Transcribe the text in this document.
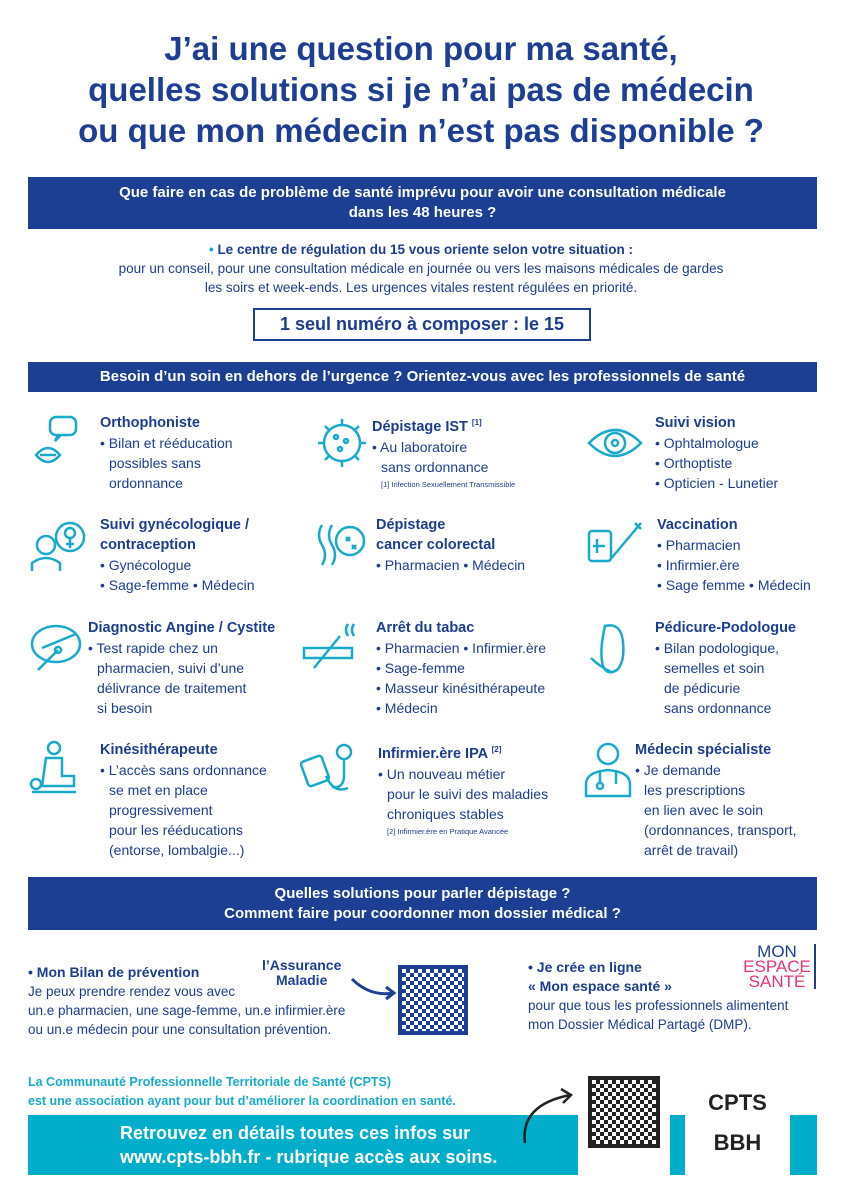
J’ai une question pour ma santé,
quelles solutions si je n’ai pas de médecin
ou que mon médecin n’est pas disponible ?
Que faire en cas de problème de santé imprévu pour avoir une consultation médicale
dans les 48 heures ?
• Le centre de régulation du 15 vous oriente selon votre situation :
pour un conseil, pour une consultation médicale en journée ou vers les maisons médicales de gardes
les soirs et week-ends. Les urgences vitales restent régulées en priorité.
1 seul numéro à composer : le 15
Besoin d’un soin en dehors de l’urgence ? Orientez-vous avec les professionnels de santé
Orthophoniste
• Bilan et rééducation
possibles sans
ordonnance
Dépistage IST [1]
• Au laboratoire
sans ordonnance
[1] Infection Sexuellement Transmissible
Suivi vision
• Ophtalmologue
• Orthoptiste
• Opticien - Lunetier
Suivi gynécologique /
contraception
• Gynécologue
• Sage-femme • Médecin
Dépistage
cancer colorectal
• Pharmacien • Médecin
Vaccination
• Pharmacien
• Infirmier.ère
• Sage femme • Médecin
Diagnostic Angine / Cystite
• Test rapide chez un
pharmacien, suivi d’une
délivrance de traitement
si besoin
Arrêt du tabac
• Pharmacien • Infirmier.ère
• Sage-femme
• Masseur kinésithérapeute
• Médecin
Pédicure-Podologue
• Bilan podologique,
semelles et soin
de pédicurie
sans ordonnance
Kinésithérapeute
• L’accès sans ordonnance
se met en place
progressivement
pour les rééducations
(entorse, lombalgie...)
Infirmier.ère IPA [2]
• Un nouveau métier
pour le suivi des maladies
chroniques stables
[2] Infirmier.ère en Pratique Avancée
Médecin spécialiste
• Je demande
les prescriptions
en lien avec le soin
(ordonnances, transport,
arrêt de travail)
Quelles solutions pour parler dépistage ?
Comment faire pour coordonner mon dossier médical ?
• Mon Bilan de prévention
Je peux prendre rendez vous avec
un.e pharmacien, une sage-femme, un.e infirmier.ère
ou un.e médecin pour une consultation prévention.
l’Assurance
Maladie
• Je crée en ligne
« Mon espace santé »
pour que tous les professionnels alimentent
mon Dossier Médical Partagé (DMP).
MON
ESPACE
SANTÉ
La Communauté Professionnelle Territoriale de Santé (CPTS)
est une association ayant pour but d’améliorer la coordination en santé.
Retrouvez en détails toutes ces infos sur
www.cpts-bbh.fr - rubrique accès aux soins.
CPTS
BBH
